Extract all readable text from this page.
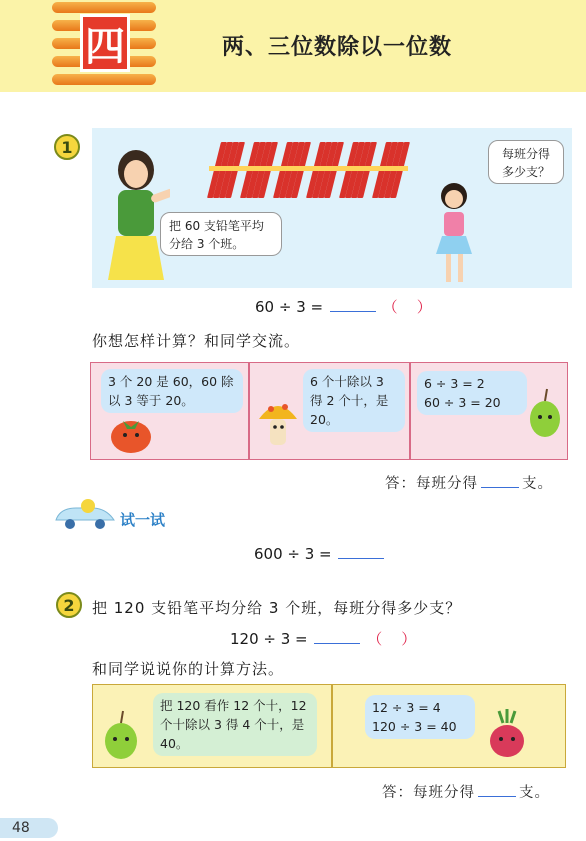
四	两、三位数除以一位数
1
把 60 支铅笔平均分给 3 个班。
每班分得多少支？
60 ÷ 3 =	（    ）
你想怎样计算？和同学交流。
3 个 20 是 60，60 除以 3 等于 20。
6 个十除以 3 得 2 个十，是 20。
6 ÷ 3 = 2
60 ÷ 3 = 20
答：每班分得	支。
试一试
600 ÷ 3 =
2	把 120 支铅笔平均分给 3 个班，每班分得多少支？
120 ÷ 3 =	（    ）
和同学说说你的计算方法。
把 120 看作 12 个十，12 个十除以 3 得 4 个十，是 40。
12 ÷ 3 = 4
120 ÷ 3 = 40
答：每班分得	支。
48
